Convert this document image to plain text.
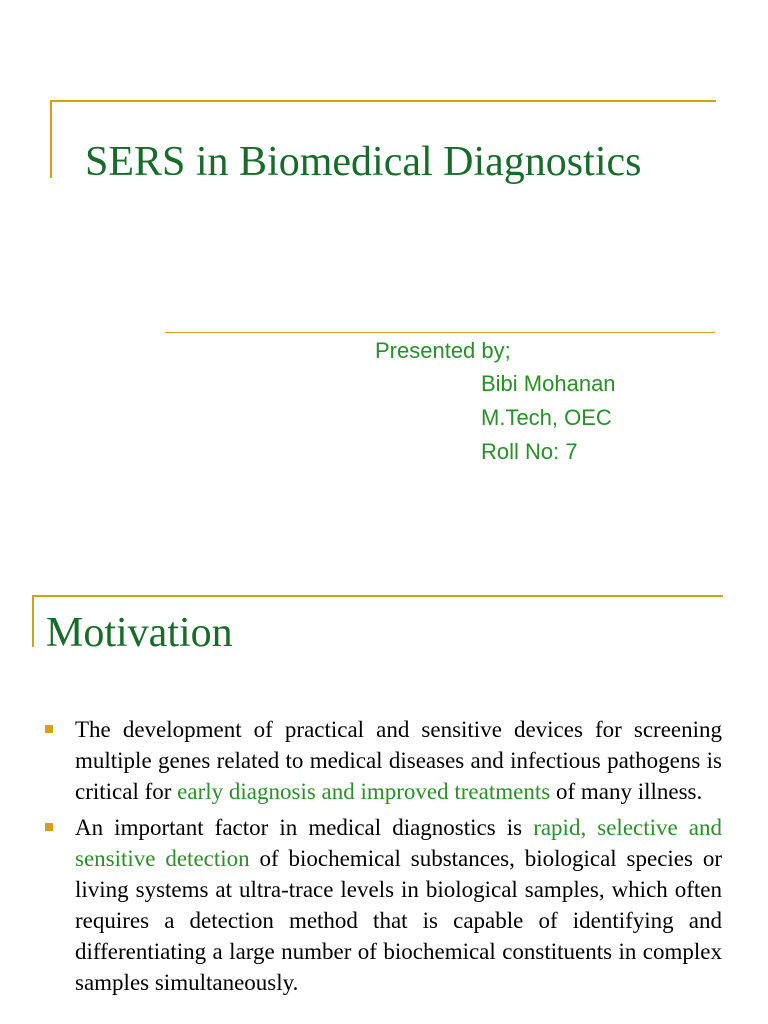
SERS in Biomedical Diagnostics

Presented by;

Bibi Mohanan

M.Tech, OEC

Roll No: 7

Motivation
The development of practical and sensitive devices for screening multiple genes related to medical diseases and infectious pathogens is critical for early diagnosis and improved treatments of many illness.
An important factor in medical diagnostics is rapid, selective and sensitive detection of biochemical substances, biological species or living systems at ultra-trace levels in biological samples, which often requires a detection method that is capable of identifying and differentiating a large number of biochemical constituents in complex samples simultaneously.
